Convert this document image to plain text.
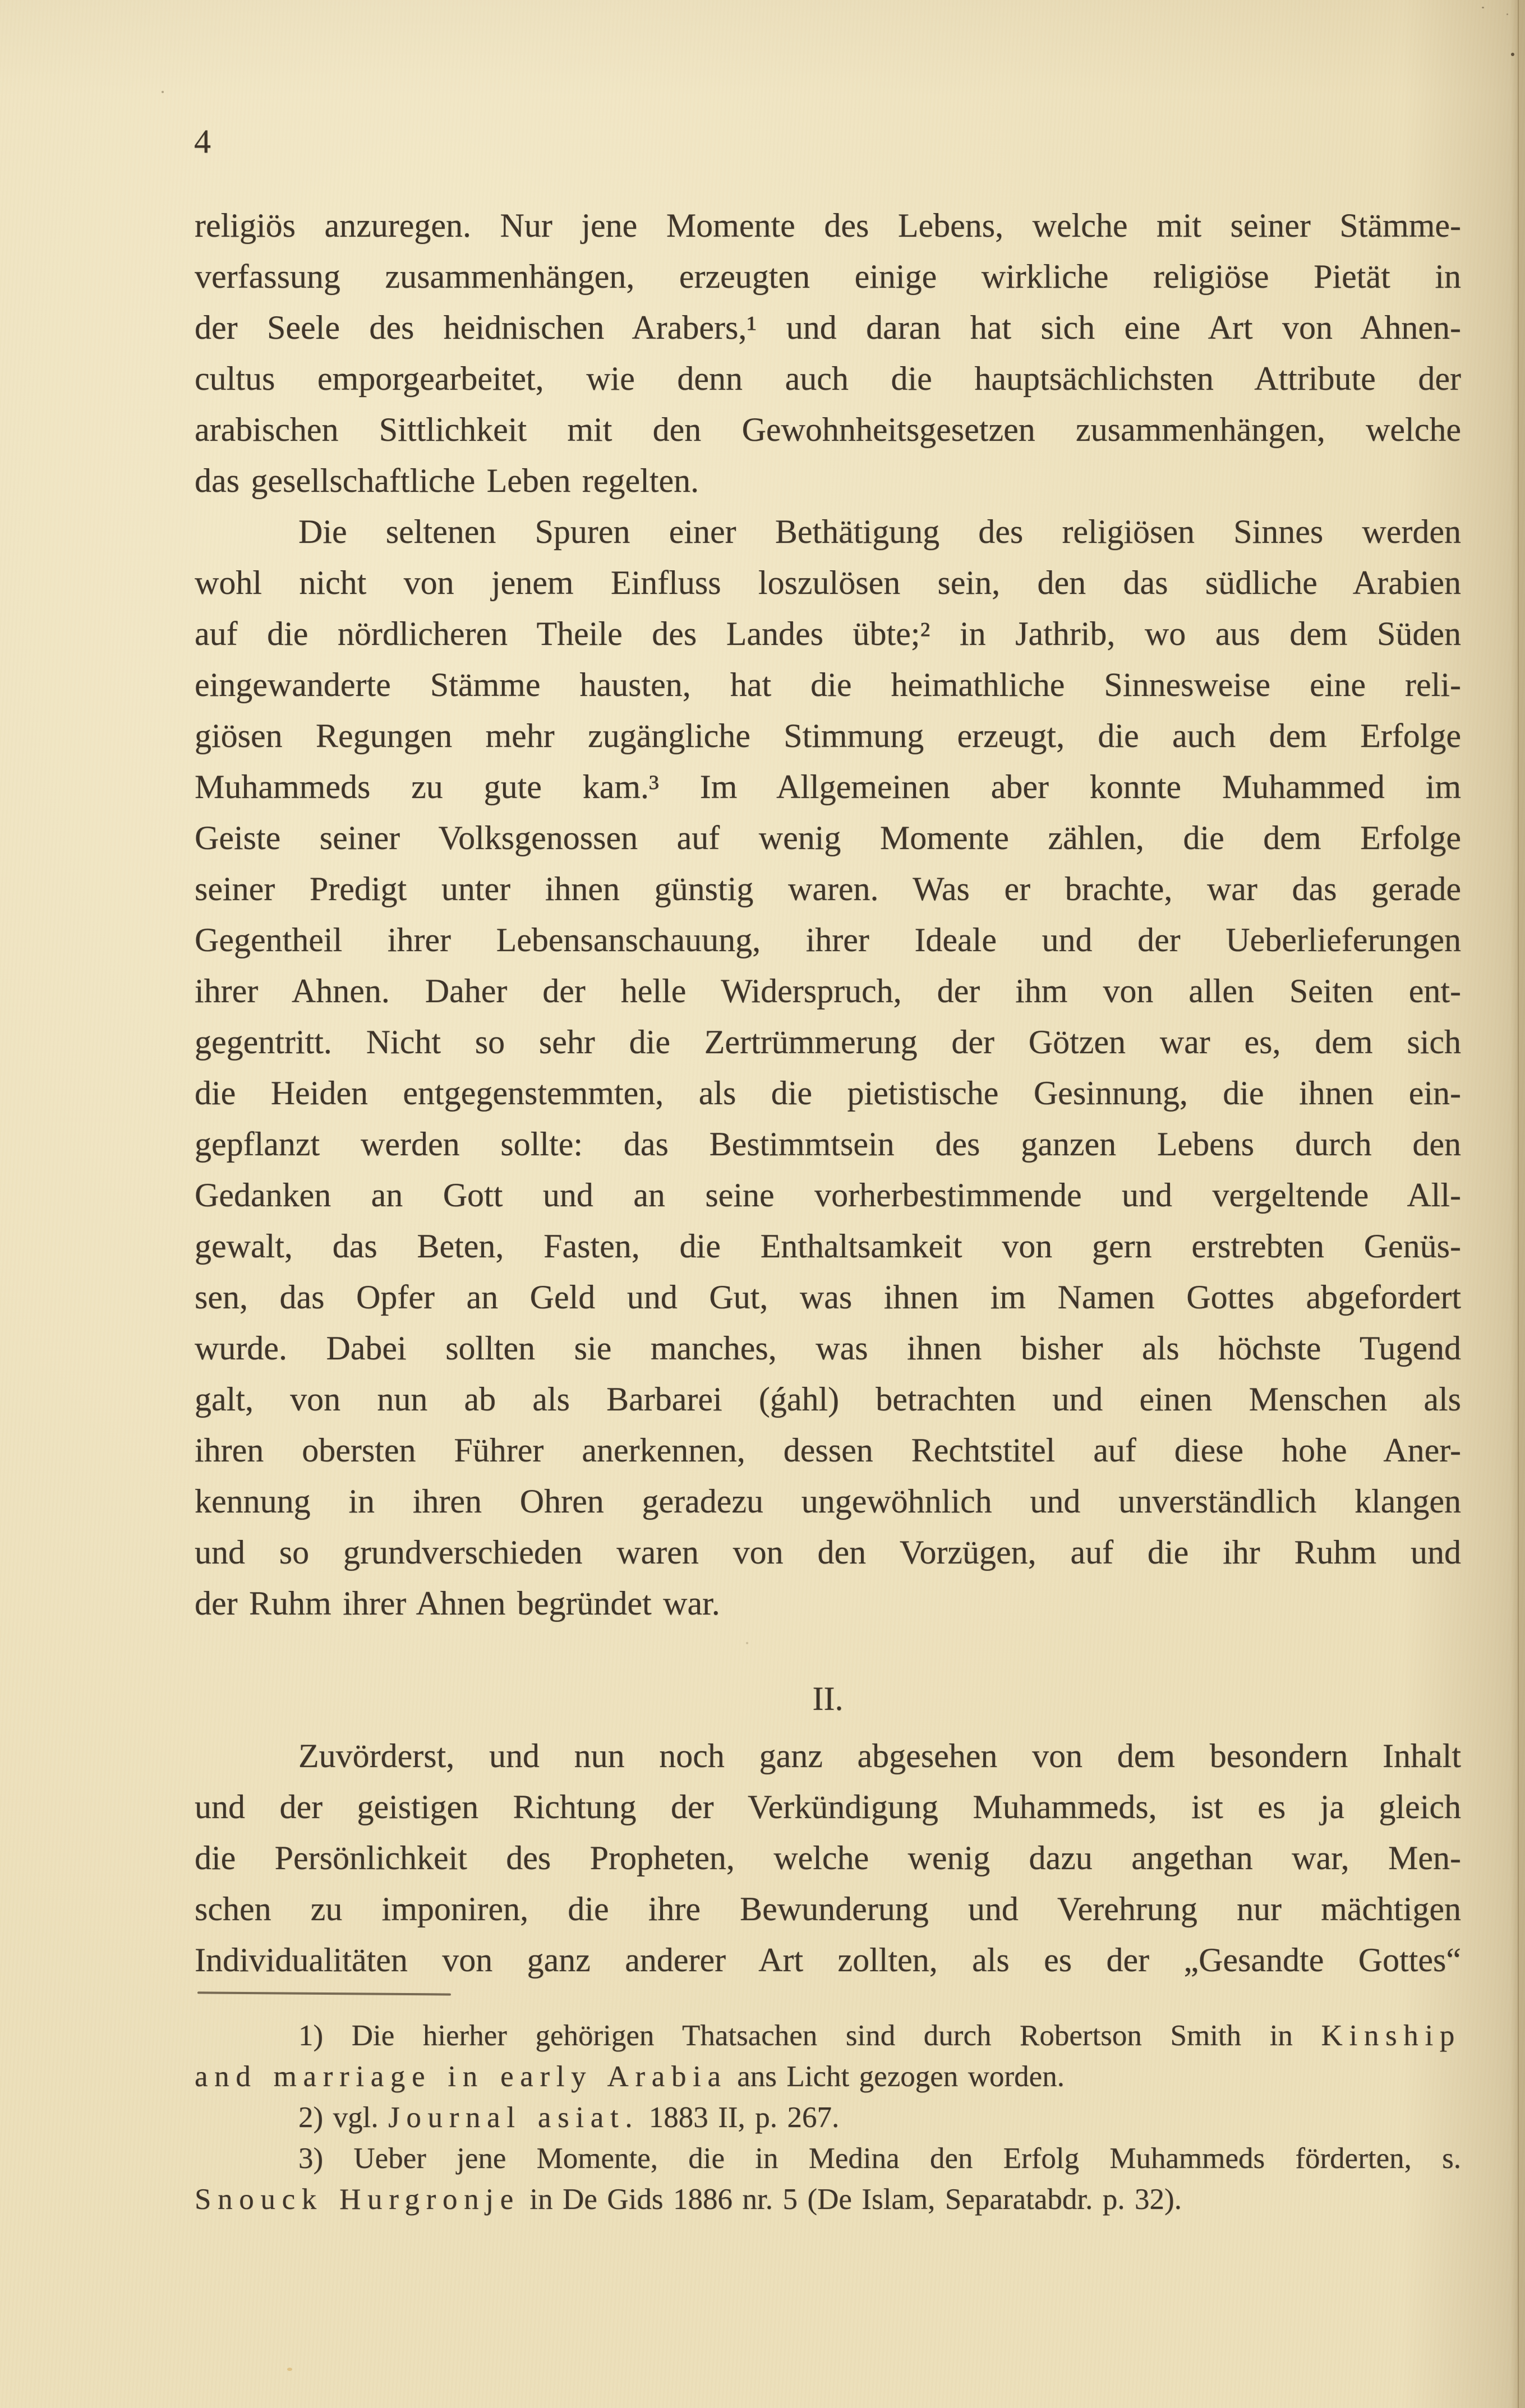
4
religiös anzuregen. Nur jene Momente des Lebens, welche mit seiner Stämme-
verfassung zusammenhängen, erzeugten einige wirkliche religiöse Pietät in
der Seele des heidnischen Arabers,¹ und daran hat sich eine Art von Ahnen-
cultus emporgearbeitet, wie denn auch die hauptsächlichsten Attribute der
arabischen Sittlichkeit mit den Gewohnheitsgesetzen zusammenhängen, welche
das gesellschaftliche Leben regelten.
Die seltenen Spuren einer Bethätigung des religiösen Sinnes werden
wohl nicht von jenem Einfluss loszulösen sein, den das südliche Arabien
auf die nördlicheren Theile des Landes übte;² in Jathrib, wo aus dem Süden
eingewanderte Stämme hausten, hat die heimathliche Sinnesweise eine reli-
giösen Regungen mehr zugängliche Stimmung erzeugt, die auch dem Erfolge
Muhammeds zu gute kam.³ Im Allgemeinen aber konnte Muhammed im
Geiste seiner Volksgenossen auf wenig Momente zählen, die dem Erfolge
seiner Predigt unter ihnen günstig waren. Was er brachte, war das gerade
Gegentheil ihrer Lebensanschauung, ihrer Ideale und der Ueberlieferungen
ihrer Ahnen. Daher der helle Widerspruch, der ihm von allen Seiten ent-
gegentritt. Nicht so sehr die Zertrümmerung der Götzen war es, dem sich
die Heiden entgegenstemmten, als die pietistische Gesinnung, die ihnen ein-
gepflanzt werden sollte: das Bestimmtsein des ganzen Lebens durch den
Gedanken an Gott und an seine vorherbestimmende und vergeltende All-
gewalt, das Beten, Fasten, die Enthaltsamkeit von gern erstrebten Genüs-
sen, das Opfer an Geld und Gut, was ihnen im Namen Gottes abgefordert
wurde. Dabei sollten sie manches, was ihnen bisher als höchste Tugend
galt, von nun ab als Barbarei (ǵahl) betrachten und einen Menschen als
ihren obersten Führer anerkennen, dessen Rechtstitel auf diese hohe Aner-
kennung in ihren Ohren geradezu ungewöhnlich und unverständlich klangen
und so grundverschieden waren von den Vorzügen, auf die ihr Ruhm und
der Ruhm ihrer Ahnen begründet war.
II.
Zuvörderst, und nun noch ganz abgesehen von dem besondern Inhalt
und der geistigen Richtung der Verkündigung Muhammeds, ist es ja gleich
die Persönlichkeit des Propheten, welche wenig dazu angethan war, Men-
schen zu imponiren, die ihre Bewunderung und Verehrung nur mächtigen
Individualitäten von ganz anderer Art zollten, als es der „Gesandte Gottes“
1) Die hierher gehörigen Thatsachen sind durch Robertson Smith in Kinship
and marriage in early Arabia ans Licht gezogen worden.
2) vgl. Journal asiat. 1883 II, p. 267.
3) Ueber jene Momente, die in Medina den Erfolg Muhammeds förderten, s.
Snouck Hurgronje in De Gids 1886 nr. 5 (De Islam, Separatabdr. p. 32).
